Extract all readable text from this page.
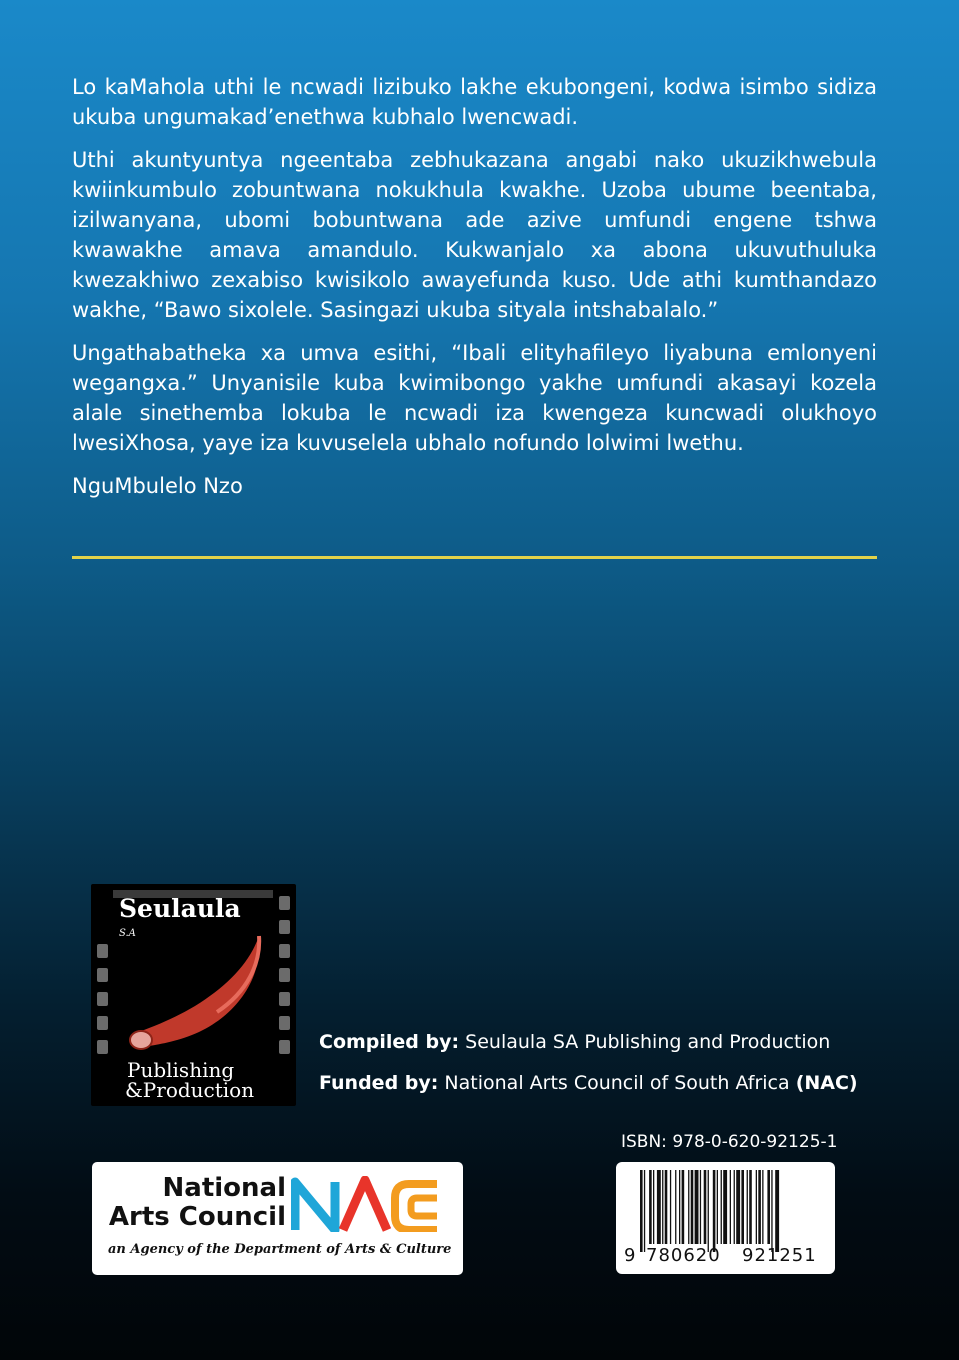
Lo kaMahola uthi le ncwadi lizibuko lakhe ekubongeni, kodwa isimbo sidiza ukuba ungumakad’enethwa kubhalo lwencwadi.

Uthi akuntyuntya ngeentaba zebhukazana angabi nako ukuzikhwebula kwiinkumbulo zobuntwana nokukhula kwakhe. Uzoba ubume beentaba, izilwanyana, ubomi bobuntwana ade azive umfundi engene tshwa kwawakhe amava amandulo. Kukwanjalo xa abona ukuvuthuluka kwezakhiwo zexabiso kwisikolo awayefunda kuso. Ude athi kumthandazo wakhe, “Bawo sixolele. Sasingazi ukuba sityala intshabalalo.”

Ungathabatheka xa umva esithi, “Ibali elityhafileyo liyabuna emlonyeni wegangxa.” Unyanisile kuba kwimibongo yakhe umfundi akasayi kozela alale sinethemba lokuba le ncwadi iza kwengeza kuncwadi olukhoyo lwesiXhosa, yaye iza kuvuselela ubhalo nofundo lolwimi lwethu.

NguMbulelo Nzo
Seulaula
S.A
Publishing
&Production
Compiled by: Seulaula SA Publishing and Production
Funded by: National Arts Council of South Africa (NAC)
National
Arts Council
an Agency of the Department of Arts & Culture
ISBN: 978-0-620-92125-1
9 780620 921251
